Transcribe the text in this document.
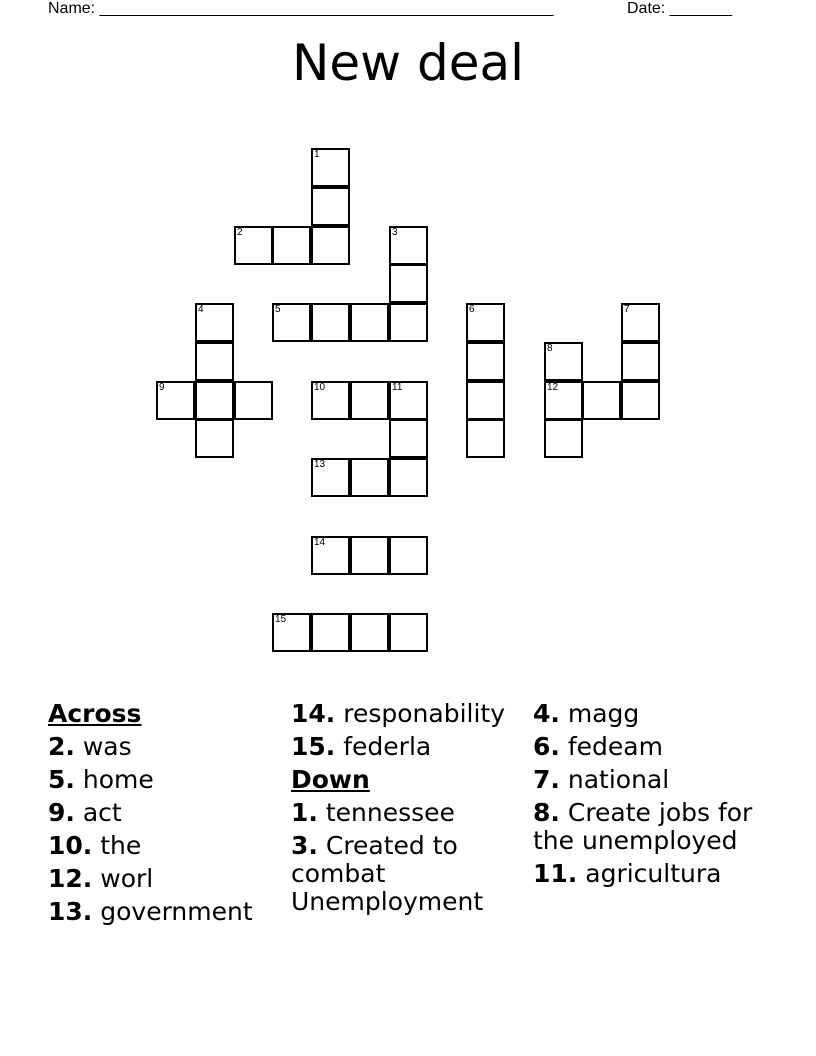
Name: ___________________________________________________	Date: _______
New deal
1
2	3
4	5	6	7
8
9	10	11	12
13
14
15
Across
2. was
5. home
9. act
10. the
12. worl
13. government
14. responability
15. federla
Down
1. tennessee
3. Created to combat Unemployment
4. magg
6. fedeam
7. national
8. Create jobs for the unemployed
11. agricultura
